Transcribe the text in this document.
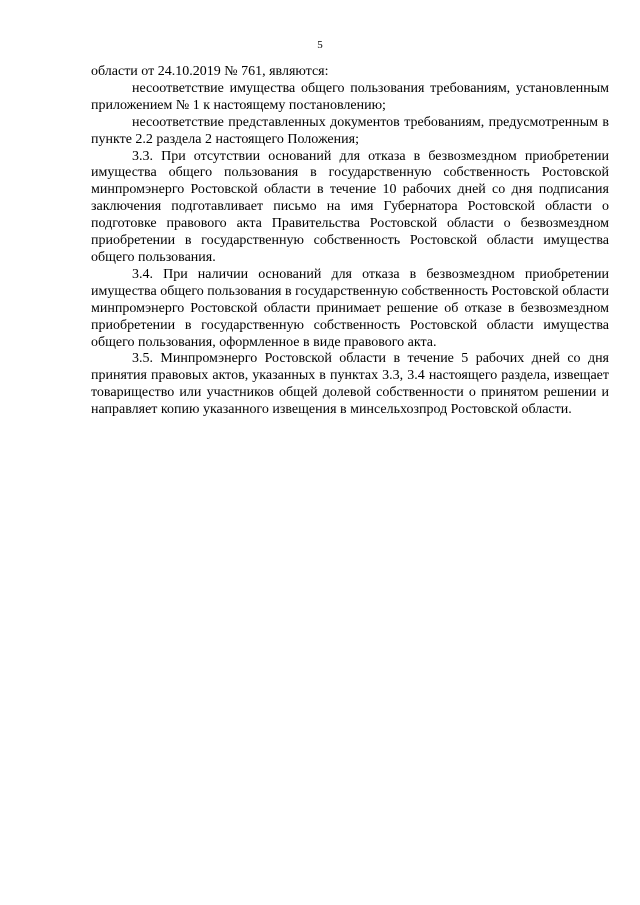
5

области от 24.10.2019 № 761, являются:

несоответствие имущества общего пользования требованиям, установленным приложением № 1 к настоящему постановлению;

несоответствие представленных документов требованиям, предусмотренным в пункте 2.2 раздела 2 настоящего Положения;

3.3. При отсутствии оснований для отказа в безвозмездном приобретении имущества общего пользования в государственную собственность Ростовской минпромэнерго Ростовской области в течение 10 рабочих дней со дня подписания заключения подготавливает письмо на имя Губернатора Ростовской области о подготовке правового акта Правительства Ростовской области о безвозмездном приобретении в государственную собственность Ростовской области имущества общего пользования.

3.4. При наличии оснований для отказа в безвозмездном приобретении имущества общего пользования в государственную собственность Ростовской области минпромэнерго Ростовской области принимает решение об отказе в безвозмездном приобретении в государственную собственность Ростовской области имущества общего пользования, оформленное в виде правового акта.

3.5. Минпромэнерго Ростовской области в течение 5 рабочих дней со дня принятия правовых актов, указанных в пунктах 3.3, 3.4 настоящего раздела, извещает товарищество или участников общей долевой собственности о принятом решении и направляет копию указанного извещения в минсельхозпрод Ростовской области.
